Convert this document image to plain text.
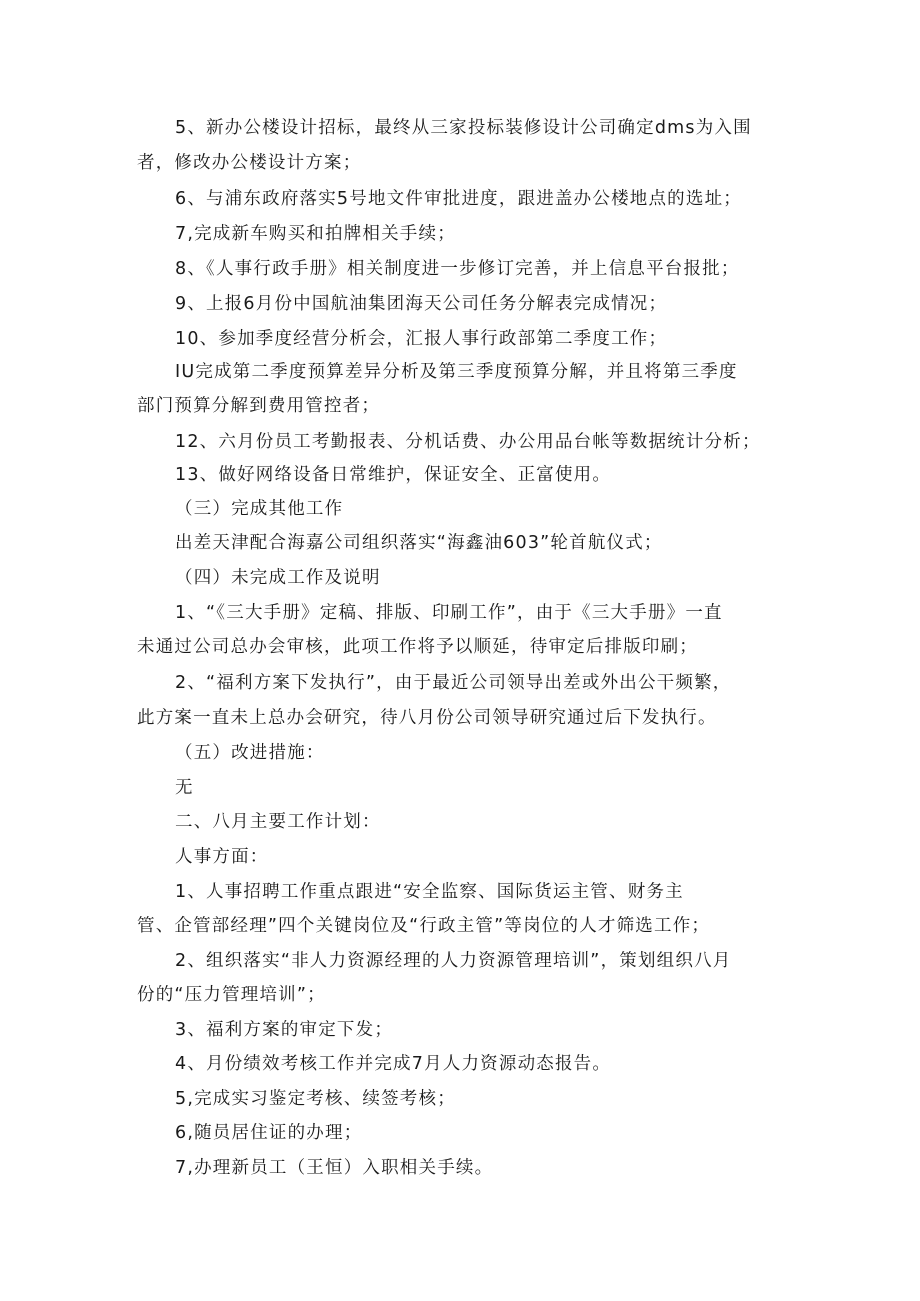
5、新办公楼设计招标，最终从三家投标装修设计公司确定dms为入围
者，修改办公楼设计方案；
6、与浦东政府落实5号地文件审批进度，跟进盖办公楼地点的选址；
7,完成新车购买和拍牌相关手续；
8、《人事行政手册》相关制度进一步修订完善，并上信息平台报批；
9、上报6月份中国航油集团海天公司任务分解表完成情况；
10、参加季度经营分析会，汇报人事行政部第二季度工作；
IU完成第二季度预算差异分析及第三季度预算分解，并且将第三季度
部门预算分解到费用管控者；
12、六月份员工考勤报表、分机话费、办公用品台帐等数据统计分析；
13、做好网络设备日常维护，保证安全、正富使用。
（三）完成其他工作
出差天津配合海嘉公司组织落实“海鑫油603”轮首航仪式；
（四）未完成工作及说明
1、“《三大手册》定稿、排版、印刷工作”，由于《三大手册》一直
未通过公司总办会审核，此项工作将予以顺延，待审定后排版印刷；
2、“福利方案下发执行”，由于最近公司领导出差或外出公干频繁，
此方案一直未上总办会研究，待八月份公司领导研究通过后下发执行。
（五）改进措施：
无
二、八月主要工作计划：
人事方面：
1、人事招聘工作重点跟进“安全监察、国际货运主管、财务主
管、企管部经理”四个关键岗位及“行政主管”等岗位的人才筛选工作；
2、组织落实“非人力资源经理的人力资源管理培训”，策划组织八月
份的“压力管理培训”；
3、福利方案的审定下发；
4、月份绩效考核工作并完成7月人力资源动态报告。
5,完成实习鉴定考核、续签考核；
6,随员居住证的办理；
7,办理新员工（王恒）入职相关手续。
